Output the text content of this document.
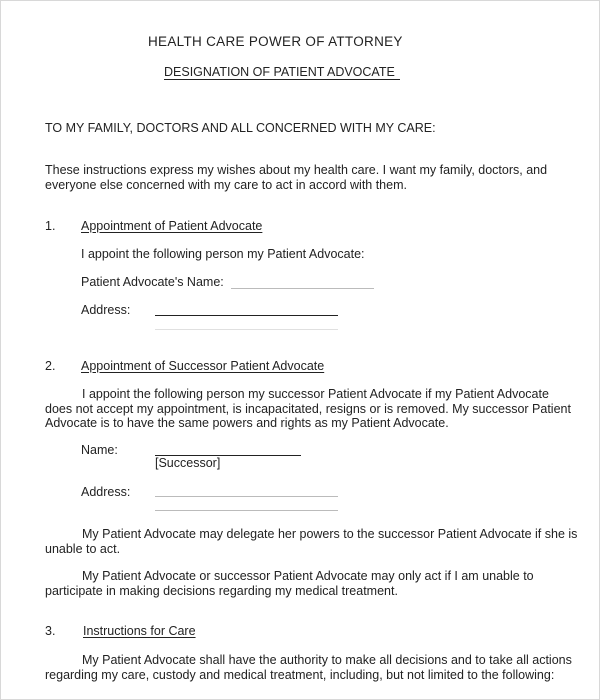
HEALTH CARE POWER OF ATTORNEY
DESIGNATION OF PATIENT ADVOCATE
TO MY FAMILY, DOCTORS AND ALL CONCERNED WITH MY CARE:
These instructions express my wishes about my health care. I want my family, doctors, and
everyone else concerned with my care to act in accord with them.
1. Appointment of Patient Advocate
I appoint the following person my Patient Advocate:
Patient Advocate's Name:
Address:
2. Appointment of Successor Patient Advocate
I appoint the following person my successor Patient Advocate if my Patient Advocate
does not accept my appointment, is incapacitated, resigns or is removed. My successor Patient
Advocate is to have the same powers and rights as my Patient Advocate.
Name:
[Successor]
Address:
My Patient Advocate may delegate her powers to the successor Patient Advocate if she is
unable to act.
My Patient Advocate or successor Patient Advocate may only act if I am unable to
participate in making decisions regarding my medical treatment.
3. Instructions for Care
My Patient Advocate shall have the authority to make all decisions and to take all actions
regarding my care, custody and medical treatment, including, but not limited to the following:
